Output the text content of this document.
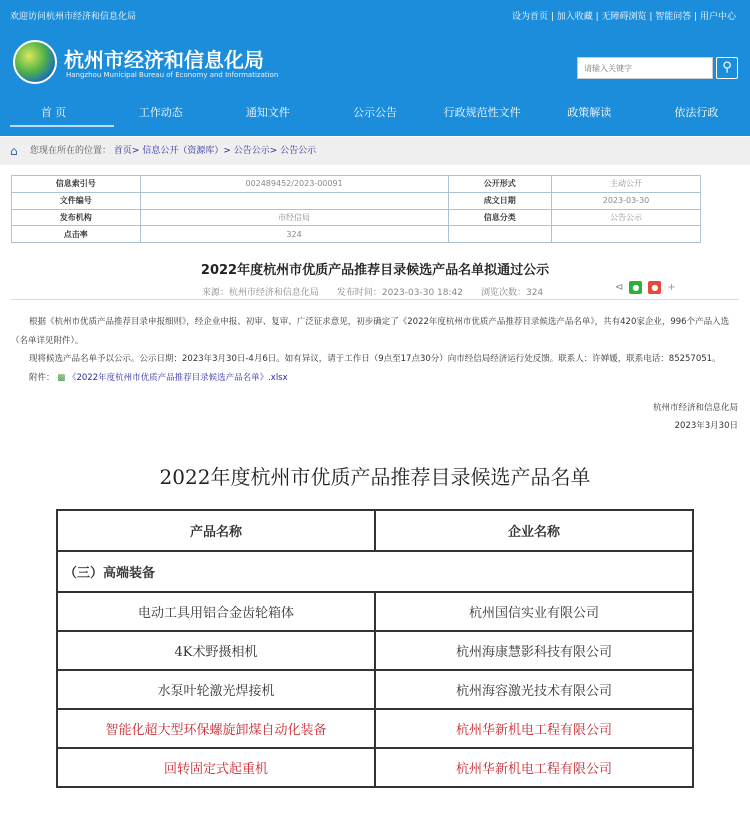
欢迎访问杭州市经济和信息化局	设为首页 | 加入收藏 | 无障碍浏览 | 智能问答 | 用户中心
杭州市经济和信息化局
Hangzhou Municipal Bureau of Economy and Informatization
请输入关键字	⚲
首 页	工作动态	通知文件	公示公告	行政规范性文件	政策解读	依法行政
⌂ 您现在所在的位置： 首页> 信息公开（资源库）> 公告公示> 公告公示
信息索引号	002489452/2023-00091	公开形式	主动公开
文件编号		成文日期	2023-03-30
发布机构	市经信局	信息分类	公告公示
点击率	324		
2022年度杭州市优质产品推荐目录候选产品名单拟通过公示
来源：杭州市经济和信息化局　　发布时间：2023-03-30 18:42　　浏览次数：324	⊲	●	● +

根据《杭州市优质产品推荐目录申报细则》，经企业申报、初审、复审、广泛征求意见，初步确定了《2022年度杭州市优质产品推荐目录候选产品名单》，共有420家企业，996个产品入选（名单详见附件）。

现将候选产品名单予以公示。公示日期：2023年3月30日-4月6日。如有异议，请于工作日（9点至17点30分）向市经信局经济运行处反馈。联系人：许婵媛，联系电话：85257051。

附件： ▩ 《2022年度杭州市优质产品推荐目录候选产品名单》.xlsx

杭州市经济和信息化局
2023年3月30日
2022年度杭州市优质产品推荐目录候选产品名单
产品名称	企业名称
（三）高端装备	
电动工具用铝合金齿轮箱体	杭州国信实业有限公司
4K术野摄相机	杭州海康慧影科技有限公司
水泵叶轮激光焊接机	杭州海容激光技术有限公司
智能化超大型环保螺旋卸煤自动化装备	杭州华新机电工程有限公司
回转固定式起重机	杭州华新机电工程有限公司
